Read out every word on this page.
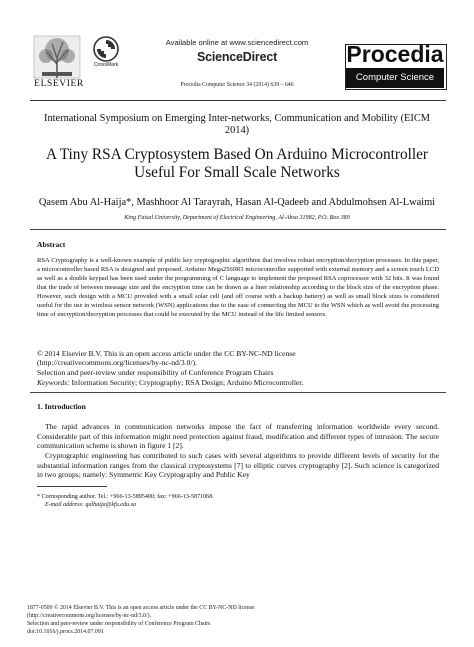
ELSEVIER
CrossMark
Available online at www.sciencedirect.com
ScienceDirect
Procedia Computer Science 34 (2014) 639 – 646
Procedia
Computer Science
International Symposium on Emerging Inter-networks, Communication and Mobility (EICM 2014)
A Tiny RSA Cryptosystem Based On Arduino Microcontroller Useful For Small Scale Networks
Qasem Abu Al-Haija*, Mashhoor Al Tarayrah, Hasan Al-Qadeeb and Abdulmohsen Al-Lwaimi
King Faisal University, Department of Electrical Engineering, Al-Ahsa 31982, P.O. Box 380
Abstract
RSA Cryptography is a well-known example of public key cryptographic algorithms that involves robust encryption/decryption processes. In this paper, a microcontroller based RSA is designed and proposed. Arduino Mega2560R3 microcontroller supported with external memory and a screen touch LCD as well as a double keypad has been used under the programming of C language to implement the proposed RSA coprocessor with 32 bits. It was found that the trade of between message size and the encryption time can be drawn as a liner relationship according to the block size of the encryption phase. However, such design with a MCU provided with a small solar cell (and off course with a backup battery) as well as small block sizes is considered useful for the use in wireless sensor network (WSN) applications due to the ease of connecting the MCU to the WSN which as well avoid the processing time of encryption/decryption processes that could be executed by the MCU instead of the life limited sensors.
© 2014 Elsevier B.V. This is an open access article under the CC BY-NC-ND license
(http://creativecommons.org/licenses/by-nc-nd/3.0/).
Selection and peer-review under responsibility of Conference Program Chairs
Keywords: Information Security; Cryptography; RSA Design; Arduino Microcontroller.
1. Introduction
The rapid advances in communication networks impose the fact of transferring information worldwide every second. Considerable part of this information might need protection against fraud, modification and different types of intrusion. The secure communication scheme is shown in figure 1 [2].
Cryptographic engineering has contributed to such cases with several algorithms to provide different levels of security for the substantial information ranges from the classical cryptosystems [7] to elliptic curves cryptography [2]. Such science is categorized in two groups; namely: Symmetric Key Cryptography and Public Key
* Corresponding author. Tel.: +966-13-5895400; fax: +966-13-5871068.
E-mail address: qalhaija@kfu.edu.sa
1877-0509 © 2014 Elsevier B.V. This is an open access article under the CC BY-NC-ND license
(http://creativecommons.org/licenses/by-nc-nd/3.0/).
Selection and peer-review under responsibility of Conference Program Chairs
doi:10.1016/j.procs.2014.07.091
